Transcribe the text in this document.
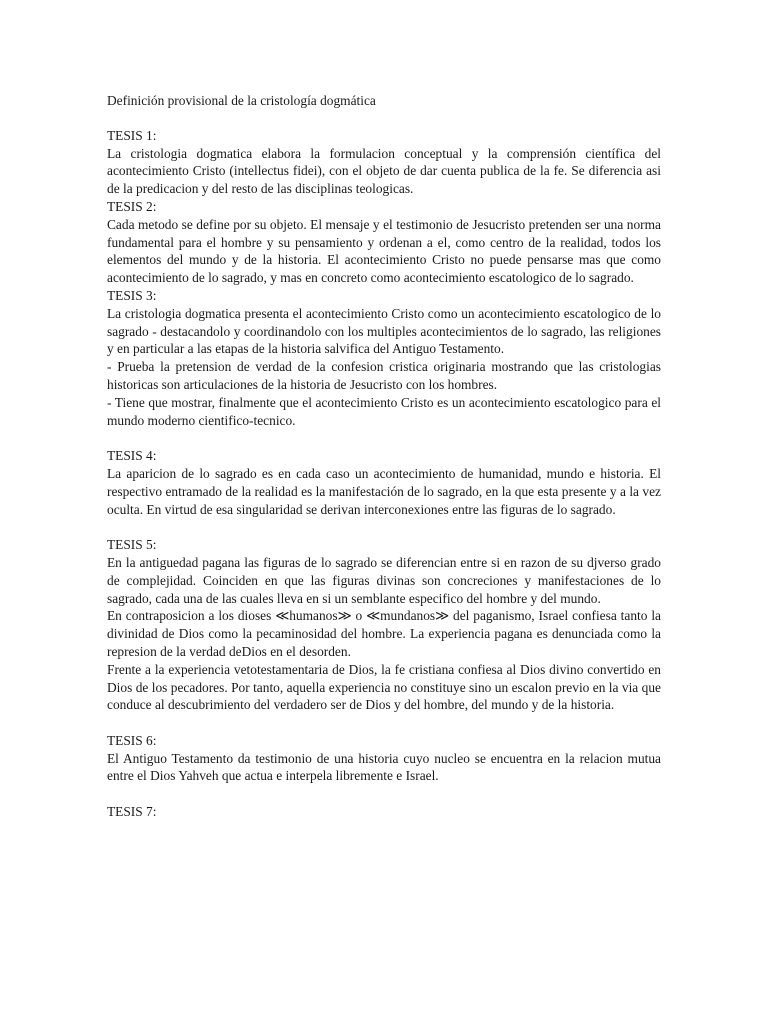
Definición provisional de la cristología dogmática

TESIS 1:

La cristologia dogmatica elabora la formulacion conceptual y la comprensión científica del acontecimiento Cristo (intellectus fidei), con el objeto de dar cuenta publica de la fe. Se diferencia asi de la predicacion y del resto de las disciplinas teologicas.

TESIS 2:

Cada metodo se define por su objeto. El mensaje y el testimonio de Jesucristo pretenden ser una norma fundamental para el hombre y su pensamiento y ordenan a el, como centro de la realidad, todos los elementos del mundo y de la historia. El acontecimiento Cristo no puede pensarse mas que como acontecimiento de lo sagrado, y mas en concreto como acontecimiento escatologico de lo sagrado.

TESIS 3:

La cristologia dogmatica presenta el acontecimiento Cristo como un acontecimiento escatologico de lo sagrado - destacandolo y coordinandolo con los multiples acontecimientos de lo sagrado, las religiones y en particular a las etapas de la historia salvifica del Antiguo Testamento.

- Prueba la pretension de verdad de la confesion cristica originaria mostrando que las cristologias historicas son articulaciones de la historia de Jesucristo con los hombres.

- Tiene que mostrar, finalmente que el acontecimiento Cristo es un acontecimiento escatologico para el mundo moderno cientifico-tecnico.

TESIS 4:

La aparicion de lo sagrado es en cada caso un acontecimiento de humanidad, mundo e historia. El respectivo entramado de la realidad es la manifestación de lo sagrado, en la que esta presente y a la vez oculta. En virtud de esa singularidad se derivan interconexiones entre las figuras de lo sagrado.

TESIS 5:

En la antiguedad pagana las figuras de lo sagrado se diferencian entre si en razon de su djverso grado de complejidad. Coinciden en que las figuras divinas son concreciones y manifestaciones de lo sagrado, cada una de las cuales lleva en si un semblante especifico del hombre y del mundo.

En contraposicion a los dioses ≪humanos≫ o ≪mundanos≫ del paganismo, Israel confiesa tanto la divinidad de Dios como la pecaminosidad del hombre. La experiencia pagana es denunciada como la represion de la verdad deDios en el desorden.

Frente a la experiencia vetotestamentaria de Dios, la fe cristiana confiesa al Dios divino convertido en Dios de los pecadores. Por tanto, aquella experiencia no constituye sino un escalon previo en la via que conduce al descubrimiento del verdadero ser de Dios y del hombre, del mundo y de la historia.

TESIS 6:

El Antiguo Testamento da testimonio de una historia cuyo nucleo se encuentra en la relacion mutua entre el Dios Yahveh que actua e interpela libremente e Israel.

TESIS 7:
